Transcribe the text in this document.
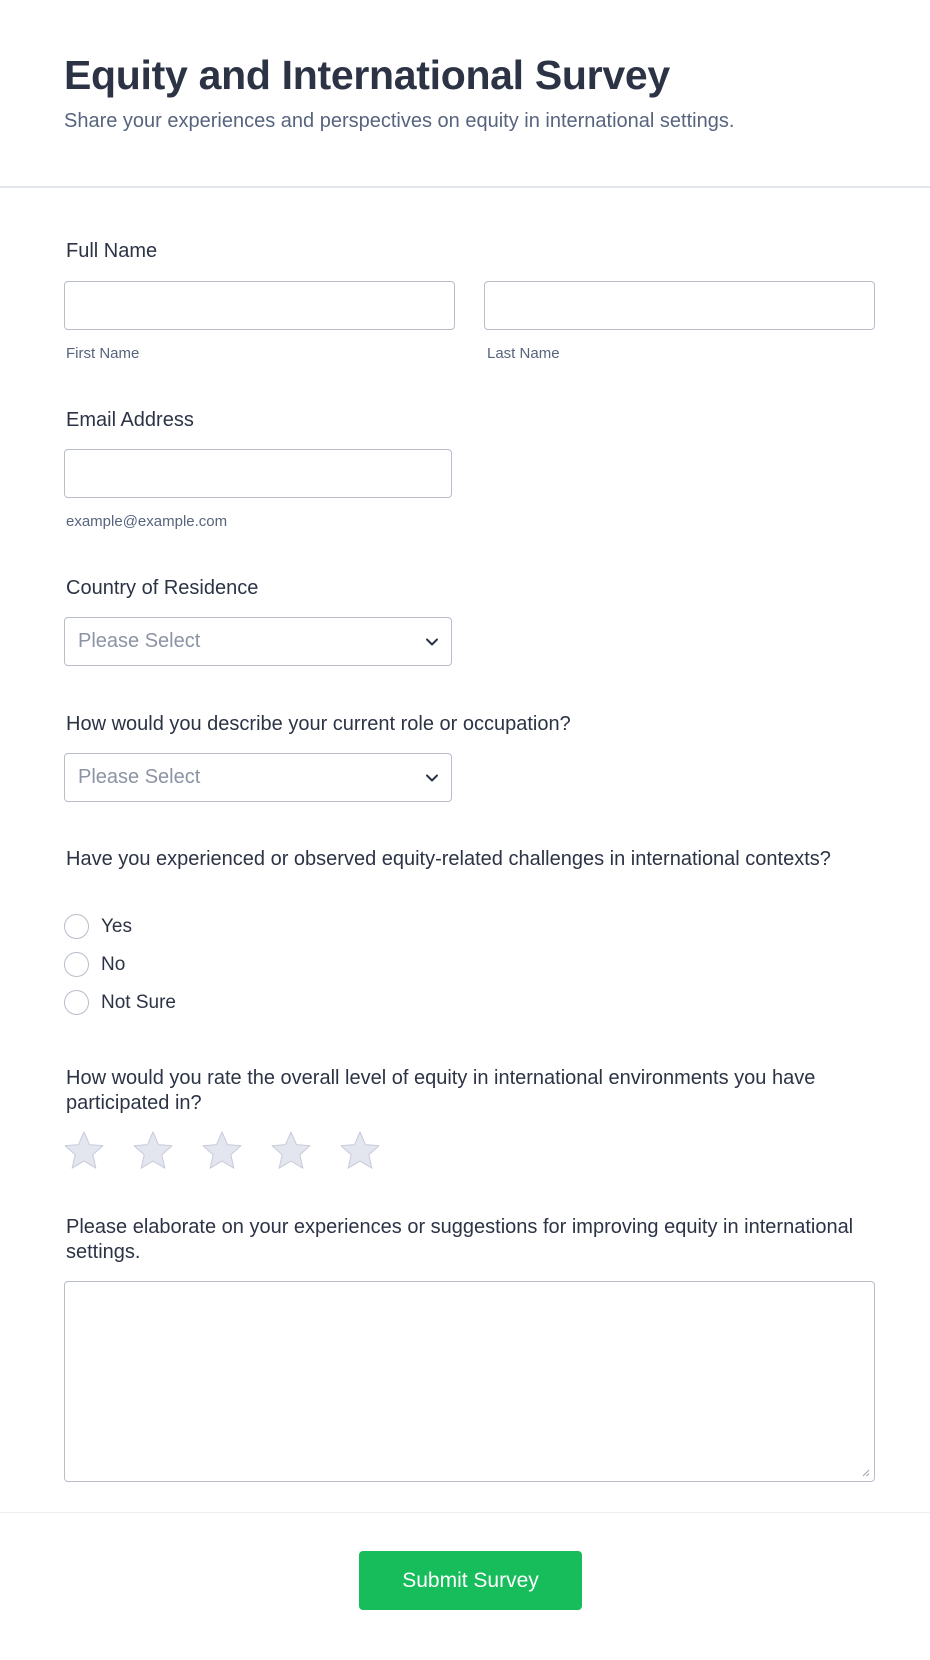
Equity and International Survey
Share your experiences and perspectives on equity in international settings.
Full Name
First Name	Last Name
Email Address
example@example.com
Country of Residence
Please Select
How would you describe your current role or occupation?
Please Select
Have you experienced or observed equity-related challenges in international contexts?
Yes
No
Not Sure
How would you rate the overall level of equity in international environments you have participated in?
Please elaborate on your experiences or suggestions for improving equity in international settings.
Submit Survey
